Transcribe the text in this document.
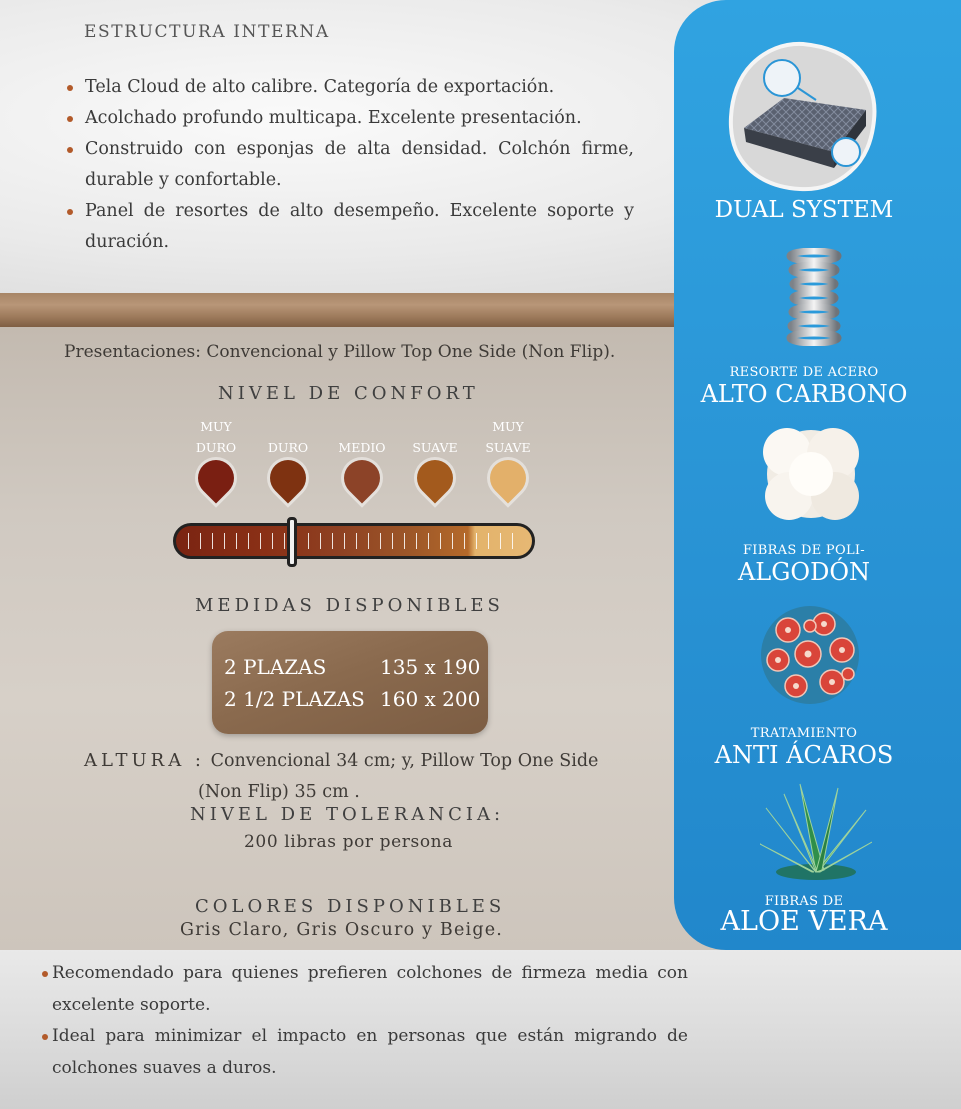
ESTRUCTURA INTERNA
Tela Cloud de alto calibre. Categoría de exportación.
Acolchado profundo multicapa. Excelente presentación.
Construido con esponjas de alta densidad. Colchón firme, durable y confortable.
Panel de resortes de alto desempeño. Excelente soporte y duración.
Presentaciones: Convencional y Pillow Top One Side (Non Flip).
NIVEL DE CONFORT
MUY DURO	DURO	MEDIO	SUAVE
MUY SUAVE
MEDIDAS DISPONIBLES
2 PLAZAS	135 x 190
2 1/2 PLAZAS 160 x 200
ALTURA : Convencional 34 cm; y, Pillow Top One Side
(Non Flip) 35 cm .
NIVEL DE TOLERANCIA:
200 libras por persona
COLORES DISPONIBLES
Gris Claro, Gris Oscuro y Beige.
Recomendado para quienes prefieren colchones de firmeza media con excelente soporte.
Ideal para minimizar el impacto en personas que están migrando de colchones suaves a duros.
DUAL SYSTEM
RESORTE DE ACERO
ALTO CARBONO
FIBRAS DE POLI-
ALGODÓN
TRATAMIENTO
ANTI ÁCAROS
FIBRAS DE
ALOE VERA
